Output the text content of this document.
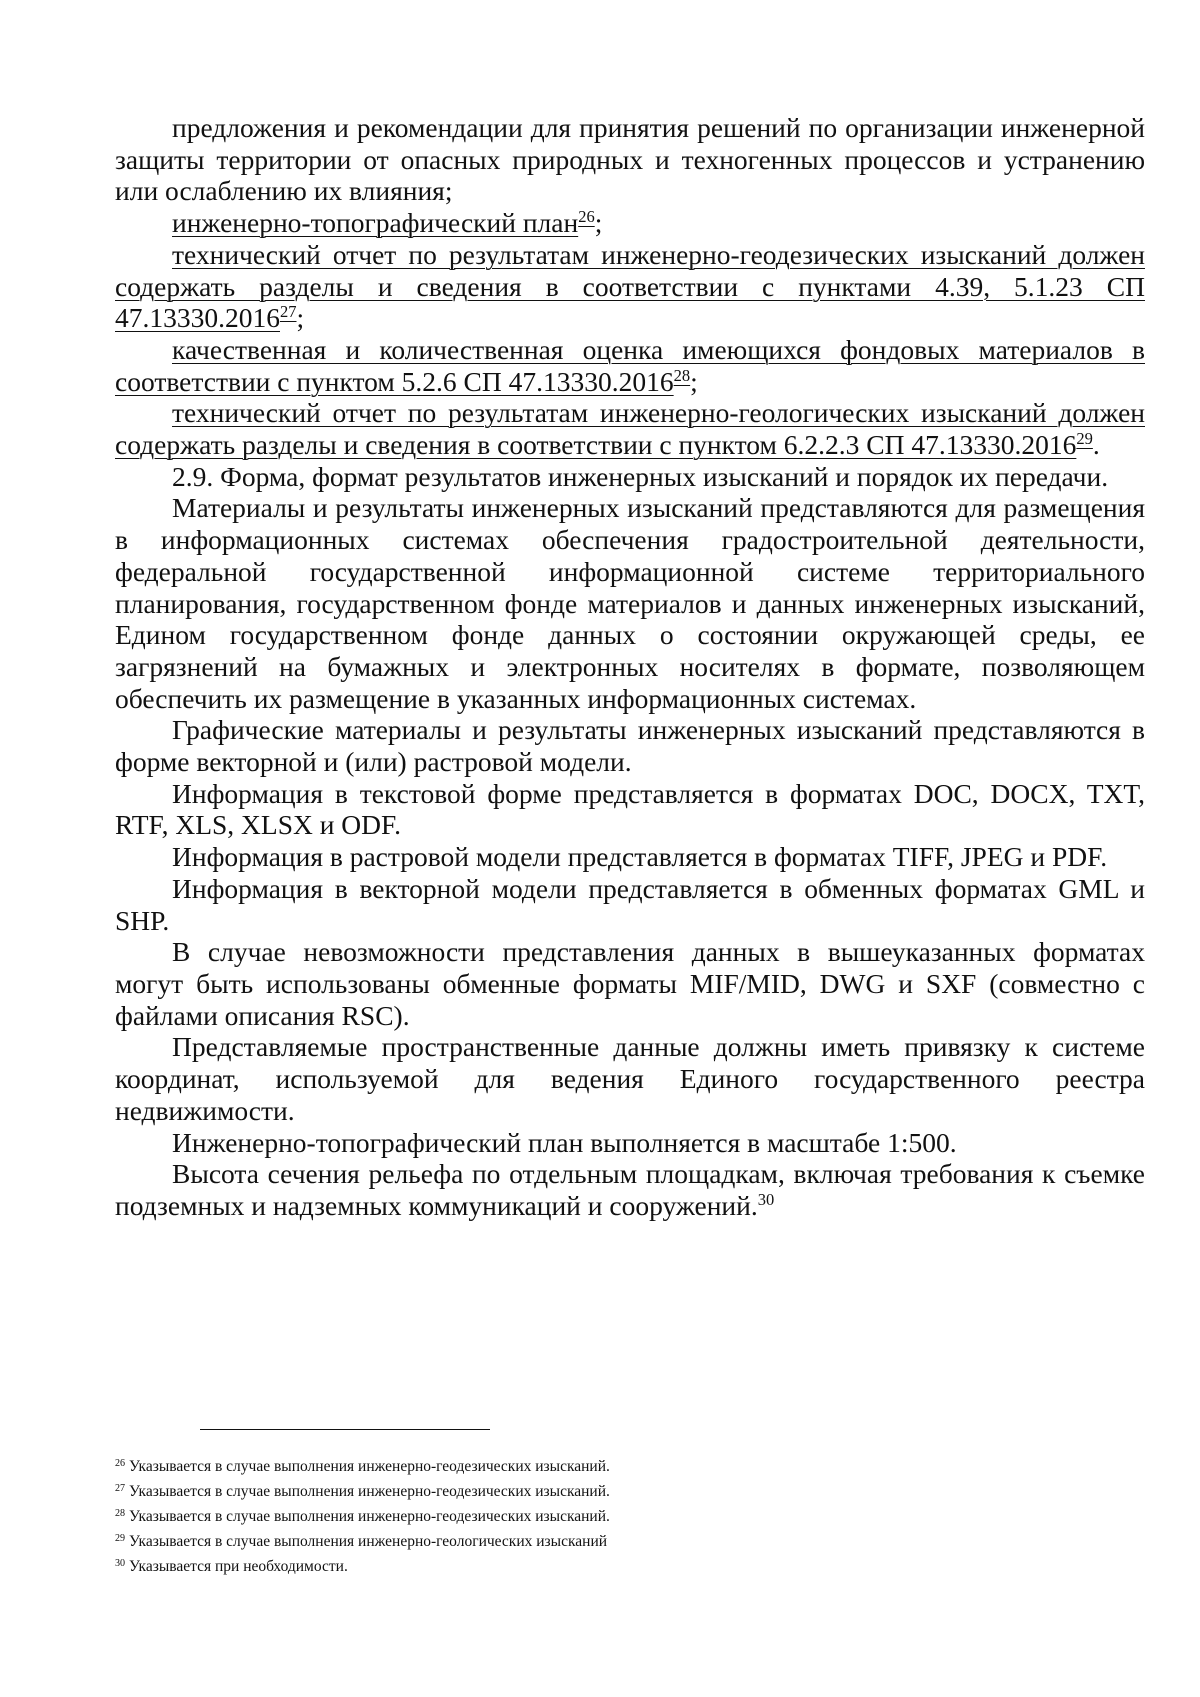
предложения и рекомендации для принятия решений по организации инженерной защиты территории от опасных природных и техногенных процессов и устранению или ослаблению их влияния;

инженерно-топографический план$^{26}$;

технический отчет по результатам инженерно-геодезических изысканий должен содержать разделы и сведения в соответствии с пунктами 4.39, 5.1.23 СП 47.13330.2016$^{27}$;

качественная и количественная оценка имеющихся фондовых материалов в соответствии с пунктом 5.2.6 СП 47.13330.2016$^{28}$;

технический отчет по результатам инженерно-геологических изысканий должен содержать разделы и сведения в соответствии с пунктом 6.2.2.3 СП 47.13330.2016$^{29}$.

2.9. Форма, формат результатов инженерных изысканий и порядок их передачи.

Материалы и результаты инженерных изысканий представляются для размещения в информационных системах обеспечения градостроительной деятельности, федеральной государственной информационной системе территориального планирования, государственном фонде материалов и данных инженерных изысканий, Едином государственном фонде данных о состоянии окружающей среды, ее загрязнений на бумажных и электронных носителях в формате, позволяющем обеспечить их размещение в указанных информационных системах.

Графические материалы и результаты инженерных изысканий представляются в форме векторной и (или) растровой модели.

Информация в текстовой форме представляется в форматах DOC, DOCX, TXT, RTF, XLS, XLSX и ODF.

Информация в растровой модели представляется в форматах TIFF, JPEG и PDF.

Информация в векторной модели представляется в обменных форматах GML и SHP.

В случае невозможности представления данных в вышеуказанных форматах могут быть использованы обменные форматы MIF/MID, DWG и SXF (совместно с файлами описания RSC).

Представляемые пространственные данные должны иметь привязку к системе координат, используемой для ведения Единого государственного реестра недвижимости.

Инженерно-топографический план выполняется в масштабе 1:500.

Высота сечения рельефа по отдельным площадкам, включая требования к съемке подземных и надземных коммуникаций и сооружений.$^{30}$

$^{26}$ Указывается в случае выполнения инженерно-геодезических изысканий.

$^{27}$ Указывается в случае выполнения инженерно-геодезических изысканий.

$^{28}$ Указывается в случае выполнения инженерно-геодезических изысканий.

$^{29}$ Указывается в случае выполнения инженерно-геологических изысканий

$^{30}$ Указывается при необходимости.
